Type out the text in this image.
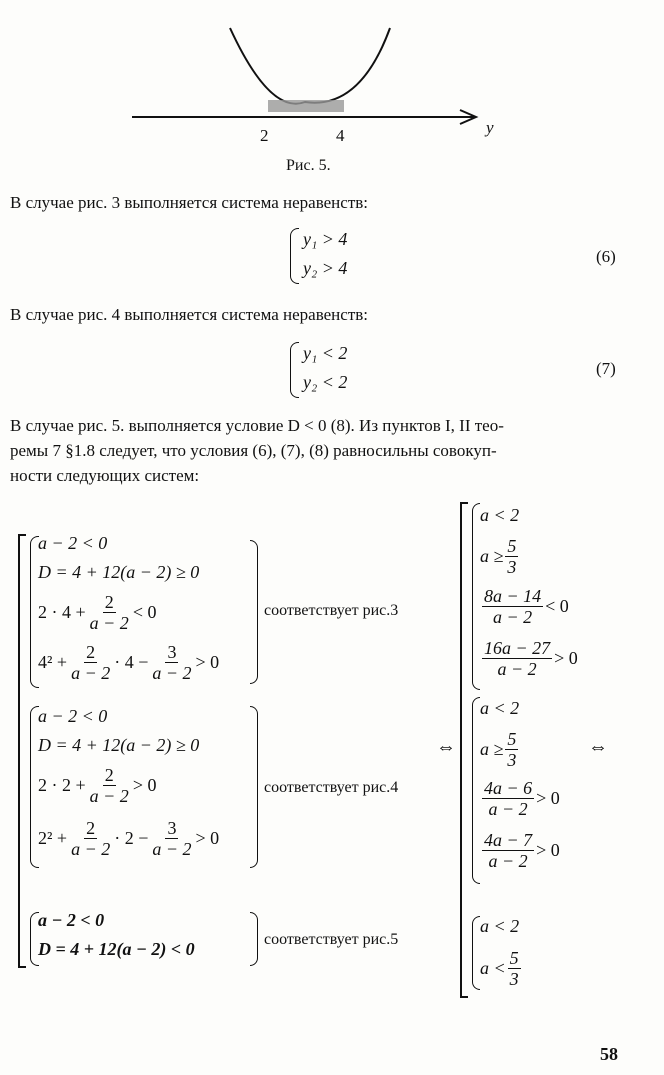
2	4	y
Рис. 5.
В случае рис. 3 выполняется система неравенств:
y₁ > 4
y₂ > 4
(6)
В случае рис. 4 выполняется система неравенств:
y₁ < 2
y₂ < 2
(7)
В случае рис. 5. выполняется условие D < 0 (8). Из пунктов I, II тео-
ремы 7 §1.8 следует, что условия (6), (7), (8) равносильны совокуп-
ности следующих систем:
a − 2 < 0
D = 4 + 12(a − 2) ≥ 0
$2 \cdot 4 + \frac{2}{a - 2} < 0$
$4^2 + \frac{2}{a - 2} \cdot 4 - \frac{3}{a - 2} > 0$
соответствует рис.3
a − 2 < 0
D = 4 + 12(a − 2) ≥ 0
$2 \cdot 2 + \frac{2}{a - 2} > 0$
$2^2 + \frac{2}{a - 2} \cdot 2 - \frac{3}{a - 2} > 0$
соответствует рис.4
a − 2 < 0
D = 4 + 12(a − 2) < 0	соответствует рис.5
⇔	⇔
a < 2
$a \ge \frac{5}{3}$
$\frac{8a - 14}{a - 2} < 0$
$\frac{16a - 27}{a - 2} > 0$
a < 2
$a \ge \frac{5}{3}$
$\frac{4a - 6}{a - 2} > 0$
$\frac{4a - 7}{a - 2} > 0$
a < 2
$a < \frac{5}{3}$
58
